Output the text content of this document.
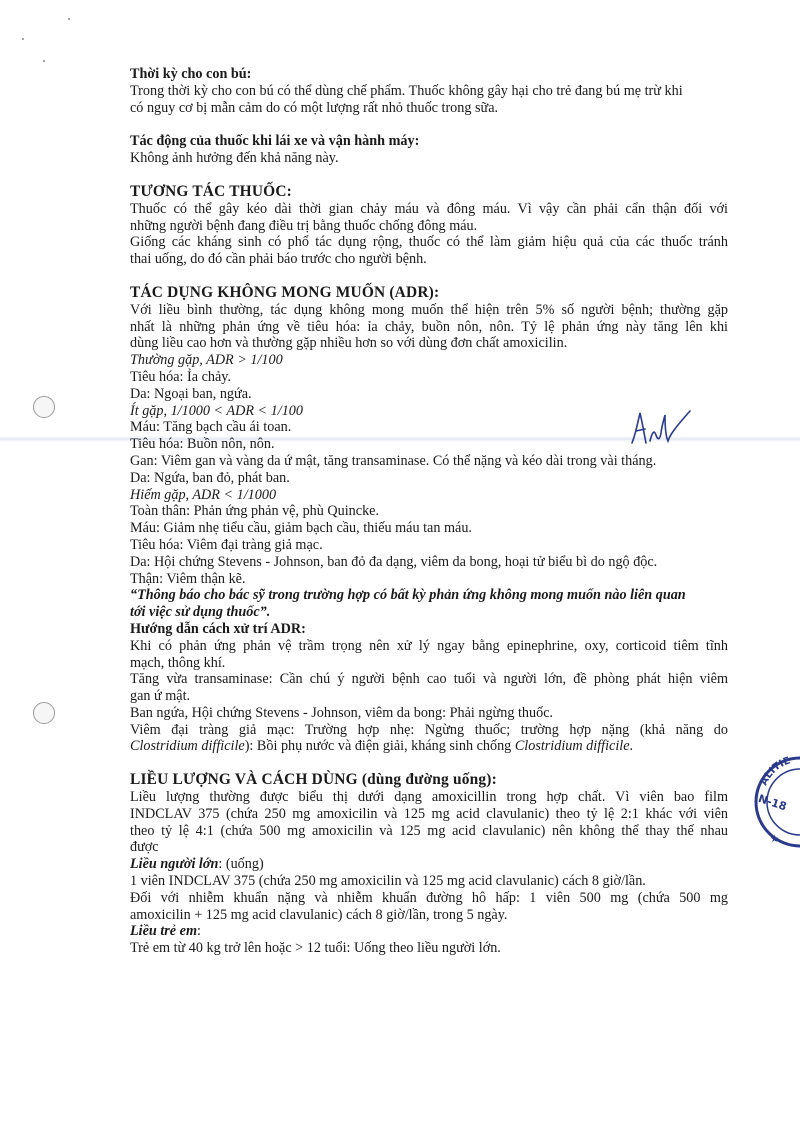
ALITIE
N-18
★

Thời kỳ cho con bú:

Trong thời kỳ cho con bú có thể dùng chế phẩm. Thuốc không gây hại cho trẻ đang bú mẹ trừ khi

có nguy cơ bị mẫn cảm do có một lượng rất nhỏ thuốc trong sữa.

Tác động của thuốc khi lái xe và vận hành máy:

Không ảnh hưởng đến khả năng này.

TƯƠNG TÁC THUỐC:

Thuốc có thể gây kéo dài thời gian chảy máu và đông máu. Vì vậy cần phải cẩn thận đối với

những người bệnh đang điều trị bằng thuốc chống đông máu.

Giống các kháng sinh có phổ tác dụng rộng, thuốc có thể làm giảm hiệu quả của các thuốc tránh

thai uống, do đó cần phải báo trước cho người bệnh.

TÁC DỤNG KHÔNG MONG MUỐN (ADR):

Với liều bình thường, tác dụng không mong muốn thể hiện trên 5% số người bệnh; thường gặp

nhất là những phản ứng về tiêu hóa: ỉa chảy, buồn nôn, nôn. Tỷ lệ phản ứng này tăng lên khi

dùng liều cao hơn và thường gặp nhiều hơn so với dùng đơn chất amoxicilin.

Thường gặp, ADR > 1/100

Tiêu hóa: Ỉa chảy.

Da: Ngoại ban, ngứa.

Ít gặp, 1/1000 < ADR < 1/100

Máu: Tăng bạch cầu ái toan.

Tiêu hóa: Buồn nôn, nôn.

Gan: Viêm gan và vàng da ứ mật, tăng transaminase. Có thể nặng và kéo dài trong vài tháng.

Da: Ngứa, ban đỏ, phát ban.

Hiếm gặp, ADR < 1/1000

Toàn thân: Phản ứng phản vệ, phù Quincke.

Máu: Giảm nhẹ tiểu cầu, giảm bạch cầu, thiếu máu tan máu.

Tiêu hóa: Viêm đại tràng giả mạc.

Da: Hội chứng Stevens - Johnson, ban đỏ đa dạng, viêm da bong, hoại tử biểu bì do ngộ độc.

Thận: Viêm thận kẽ.

“Thông báo cho bác sỹ trong trường hợp có bất kỳ phản ứng không mong muốn nào liên quan

tới việc sử dụng thuốc”.

Hướng dẫn cách xử trí ADR:

Khi có phản ứng phản vệ trầm trọng nên xử lý ngay bằng epinephrine, oxy, corticoid tiêm tĩnh

mạch, thông khí.

Tăng vừa transaminase: Cần chú ý người bệnh cao tuổi và người lớn, đề phòng phát hiện viêm

gan ứ mật.

Ban ngứa, Hội chứng Stevens - Johnson, viêm da bong: Phải ngừng thuốc.

Viêm đại tràng giả mạc: Trường hợp nhẹ: Ngừng thuốc; trường hợp nặng (khả năng do

Clostridium difficile): Bồi phụ nước và điện giải, kháng sinh chống Clostridium difficile.

LIỀU LƯỢNG VÀ CÁCH DÙNG (dùng đường uống):

Liều lượng thường được biểu thị dưới dạng amoxicillin trong hợp chất. Vì viên bao film

INDCLAV 375 (chứa 250 mg amoxicilin và 125 mg acid clavulanic) theo tỷ lệ 2:1 khác với viên

theo tỷ lệ 4:1 (chứa 500 mg amoxicilin và 125 mg acid clavulanic) nên không thể thay thế nhau

được

Liều người lớn: (uống)

1 viên INDCLAV 375 (chứa 250 mg amoxicilin và 125 mg acid clavulanic) cách 8 giờ/lần.

Đối với nhiễm khuẩn nặng và nhiễm khuẩn đường hô hấp: 1 viên 500 mg (chứa 500 mg

amoxicilin + 125 mg acid clavulanic) cách 8 giờ/lần, trong 5 ngày.

Liều trẻ em:

Trẻ em từ 40 kg trở lên hoặc > 12 tuổi: Uống theo liều người lớn.
